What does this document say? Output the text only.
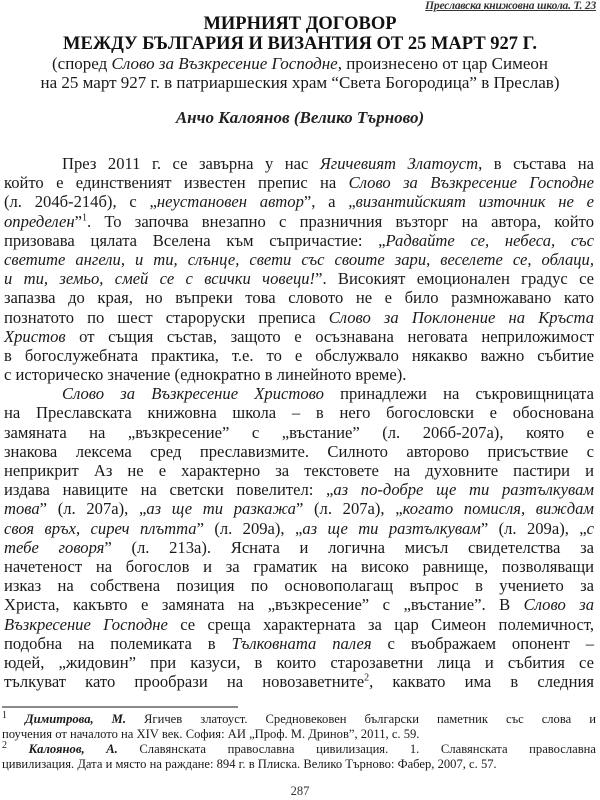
Преславска книжовна школа. Т. 23
МИРНИЯТ ДОГОВОР
МЕЖДУ БЪЛГАРИЯ И ВИЗАНТИЯ ОТ 25 МАРТ 927 Г.
(според Слово за Възкресение Господне, произнесено от цар Симеон
на 25 март 927 г. в патриаршеския храм “Света Богородица” в Преслав)
Анчо Калоянов (Велико Търново)
През 2011 г. се завърна у нас Ягичевият Златоуст, в състава на
който е единственият известен препис на Слово за Възкресение Господне
(л. 204б-214б), с „неустановен автор”, а „византийският източник не е
определен”$^1$. То започва внезапно с празничния възторг на автора, който
призовава цялата Вселена към съпричастие: „Радвайте се, небеса, със
светите ангели, и ти, слънце, свети със своите зари, веселете се, облаци,
и ти, земьо, смей се с всички човеци!”. Високият емоционален градус се
запазва до края, но въпреки това словото не е било размножавано като
познатото по шест староруски преписа Слово за Поклонение на Кръста
Христов от същия състав, защото е осъзнавана неговата неприложимост
в богослужебната практика, т.е. то е обслужвало някакво важно събитие
с историческо значение (еднократно в линейното време).
Слово за Възкресение Христово принадлежи на съкровищницата
на Преславската книжовна школа – в него богословски е обоснована
замяната на „възкресение” с „въстание” (л. 206б-207а), която е
знакова лексема сред преславизмите. Силното авторово присъствие с
неприкрит Аз не е характерно за текстовете на духовните пастири и
издава навиците на светски повелител: „аз по-добре ще ти разтълкувам
това” (л. 207а), „аз ще ти разкажа” (л. 207а), „когато помисля, виждам
своя връх, сиреч плътта” (л. 209а), „аз ще ти разтълкувам” (л. 209а), „с
тебе говоря” (л. 213а). Ясната и логична мисъл свидетелства за
начетеност на богослов и за граматик на високо равнище, позволяващи
изказ на собствена позиция по основополагащ въпрос в учението за
Христа, какъвто е замяната на „възкресение” с „въстание”. В Слово за
Възкресение Господне се среща характерната за цар Симеон полемичност,
подобна на полемиката в Тълковната палея с въображаем опонент –
юдей, „жидовин” при казуси, в които старозаветни лица и събития се
тълкуват като прообрази на новозаветните$^2$, каквато има в следния
$^1$ Димитрова, М. Ягичев златоуст. Средновековен български паметник със слова и
поучения от началото на XIV век. София: АИ „Проф. М. Дринов”, 2011, с. 59.
$^2$ Калоянов, А. Славянската православна цивилизация. 1. Славянската православна
цивилизация. Дата и място на раждане: 894 г. в Плиска. Велико Търново: Фабер, 2007, с. 57.
287
